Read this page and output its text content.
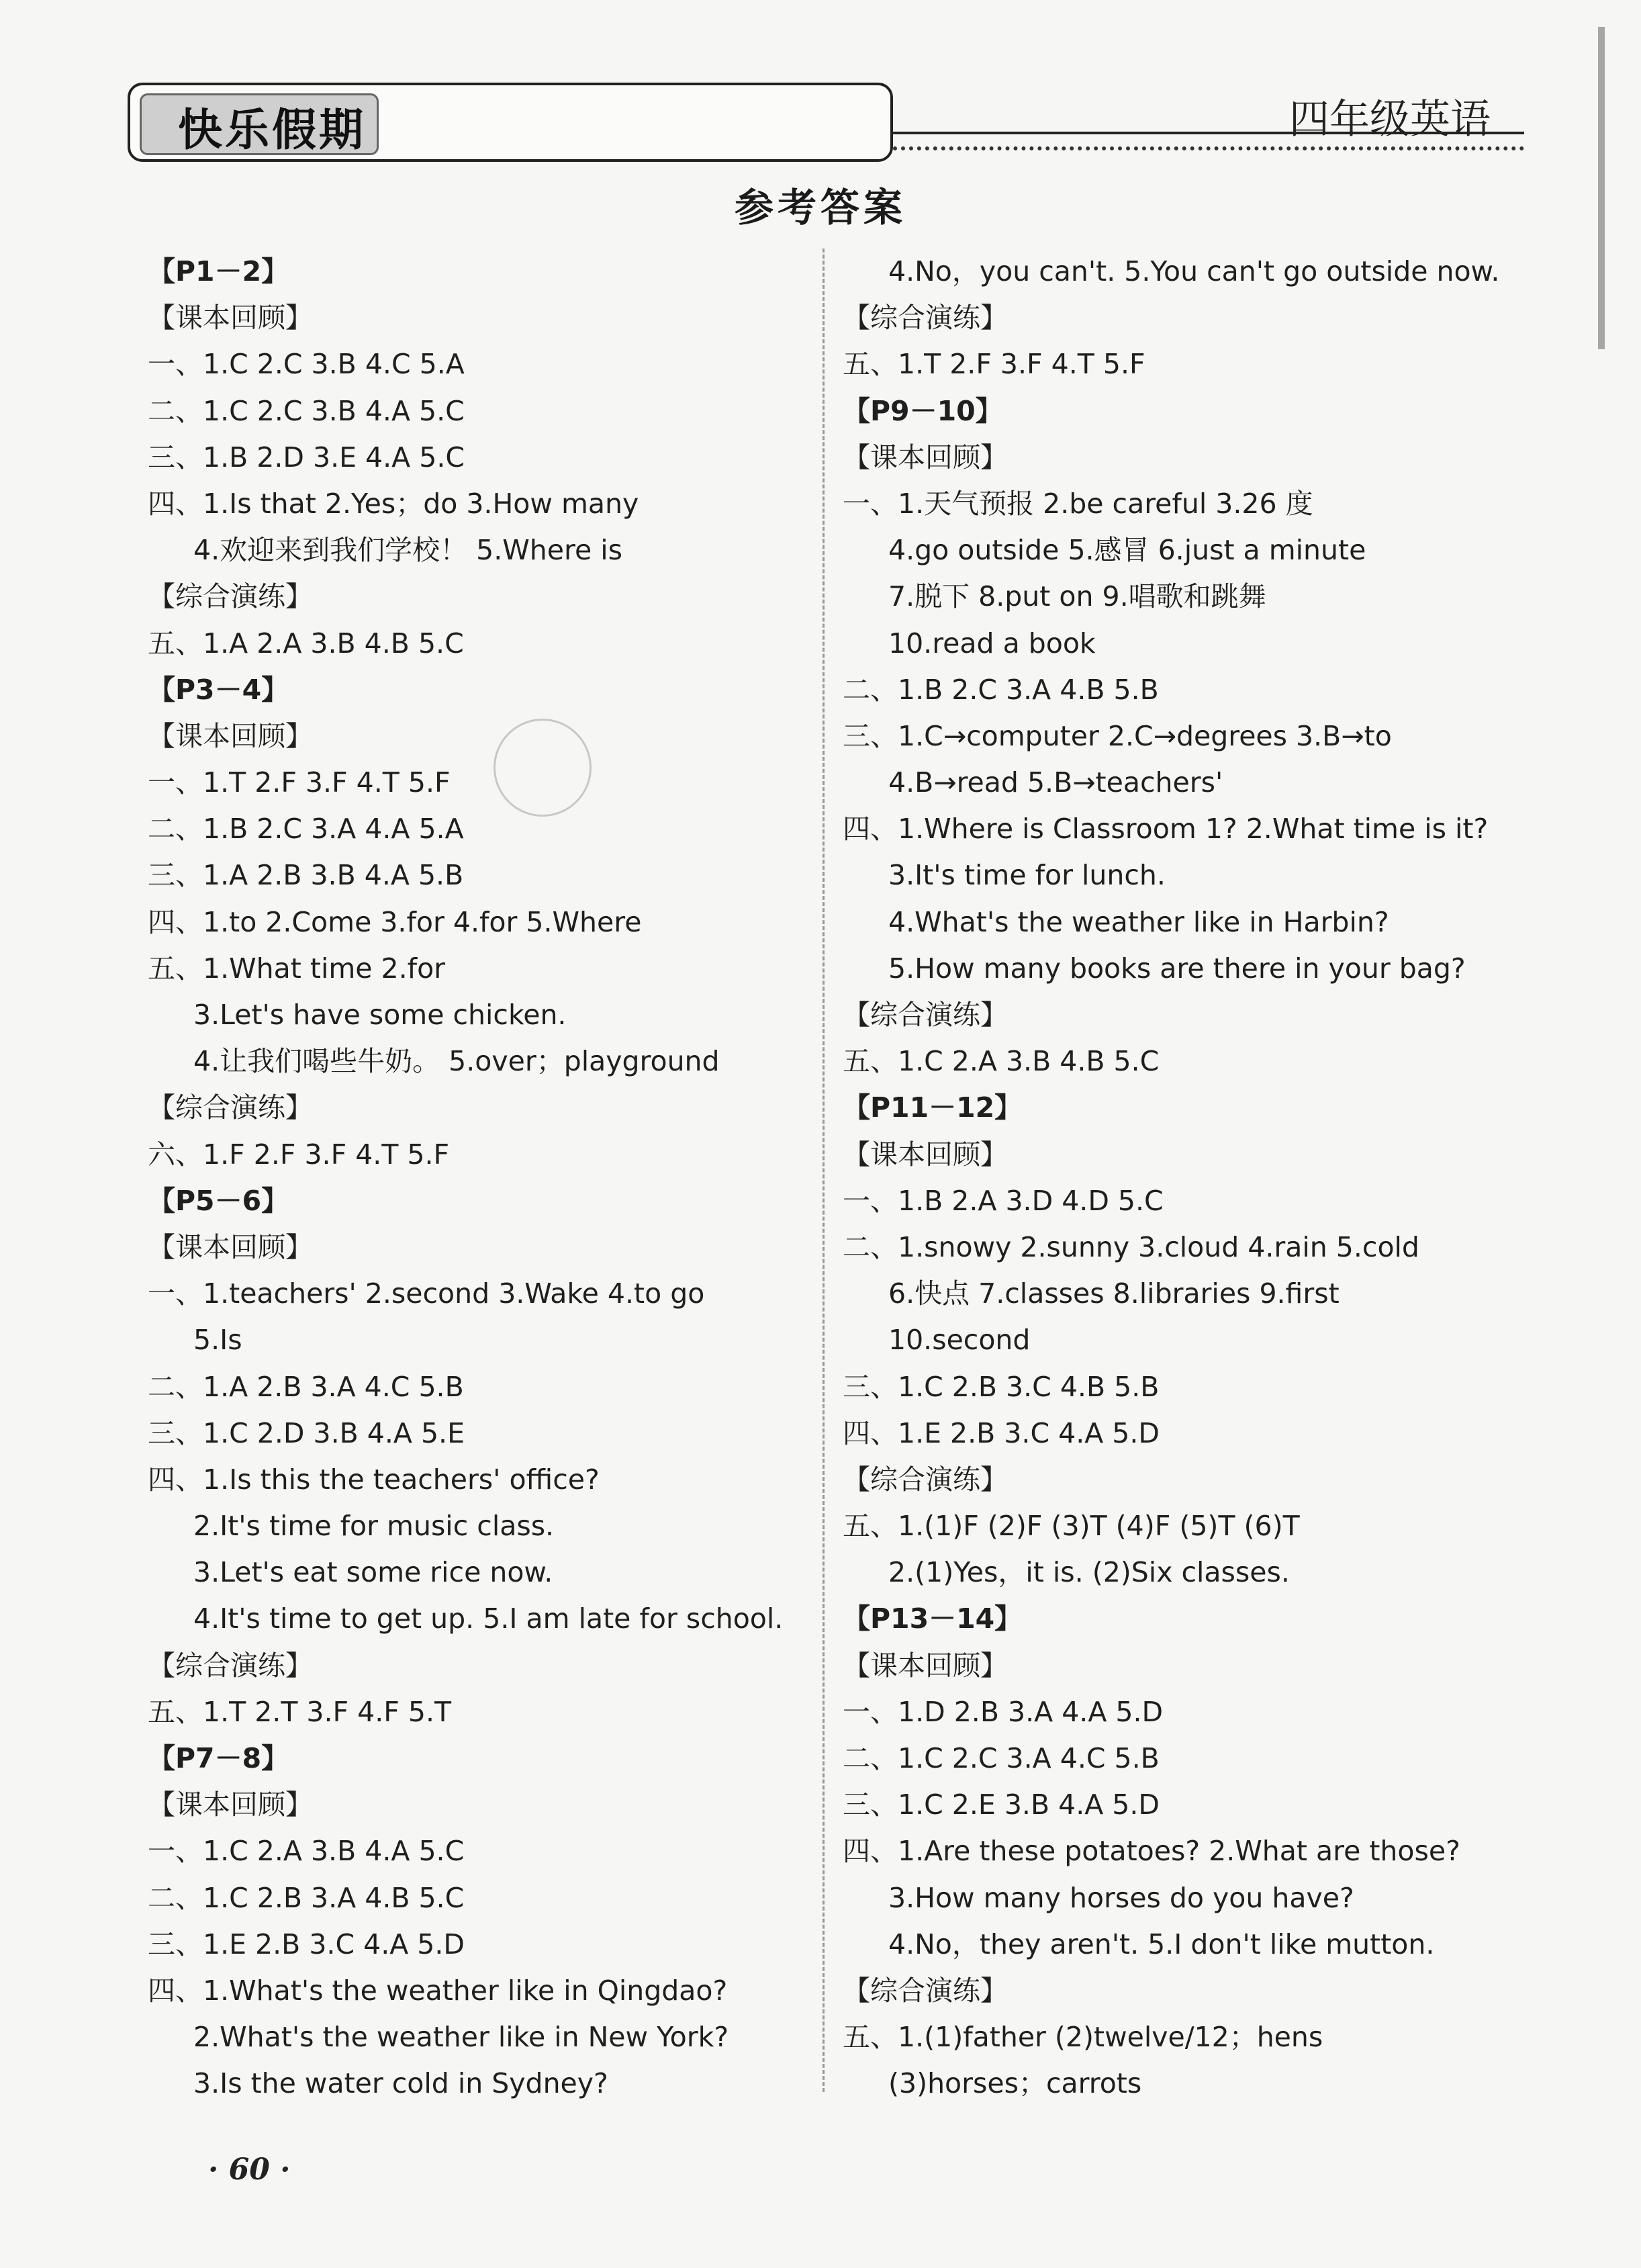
快乐假期	四年级英语
参考答案
【P1－2】
【课本回顾】
一、1.C 2.C 3.B 4.C 5.A
二、1.C 2.C 3.B 4.A 5.C
三、1.B 2.D 3.E 4.A 5.C
四、1.Is that 2.Yes；do 3.How many
4.欢迎来到我们学校！ 5.Where is
【综合演练】
五、1.A 2.A 3.B 4.B 5.C
【P3－4】
【课本回顾】
一、1.T 2.F 3.F 4.T 5.F
二、1.B 2.C 3.A 4.A 5.A
三、1.A 2.B 3.B 4.A 5.B
四、1.to 2.Come 3.for 4.for 5.Where
五、1.What time 2.for
3.Let's have some chicken.
4.让我们喝些牛奶。 5.over；playground
【综合演练】
六、1.F 2.F 3.F 4.T 5.F
【P5－6】
【课本回顾】
一、1.teachers' 2.second 3.Wake 4.to go
5.Is
二、1.A 2.B 3.A 4.C 5.B
三、1.C 2.D 3.B 4.A 5.E
四、1.Is this the teachers' office?
2.It's time for music class.
3.Let's eat some rice now.
4.It's time to get up. 5.I am late for school.
【综合演练】
五、1.T 2.T 3.F 4.F 5.T
【P7－8】
【课本回顾】
一、1.C 2.A 3.B 4.A 5.C
二、1.C 2.B 3.A 4.B 5.C
三、1.E 2.B 3.C 4.A 5.D
四、1.What's the weather like in Qingdao?
2.What's the weather like in New York?
3.Is the water cold in Sydney?
4.No，you can't. 5.You can't go outside now.
【综合演练】
五、1.T 2.F 3.F 4.T 5.F
【P9－10】
【课本回顾】
一、1.天气预报 2.be careful 3.26 度
4.go outside 5.感冒 6.just a minute
7.脱下 8.put on 9.唱歌和跳舞
10.read a book
二、1.B 2.C 3.A 4.B 5.B
三、1.C→computer 2.C→degrees 3.B→to
4.B→read 5.B→teachers'
四、1.Where is Classroom 1? 2.What time is it?
3.It's time for lunch.
4.What's the weather like in Harbin?
5.How many books are there in your bag?
【综合演练】
五、1.C 2.A 3.B 4.B 5.C
【P11－12】
【课本回顾】
一、1.B 2.A 3.D 4.D 5.C
二、1.snowy 2.sunny 3.cloud 4.rain 5.cold
6.快点 7.classes 8.libraries 9.first
10.second
三、1.C 2.B 3.C 4.B 5.B
四、1.E 2.B 3.C 4.A 5.D
【综合演练】
五、1.(1)F (2)F (3)T (4)F (5)T (6)T
2.(1)Yes，it is. (2)Six classes.
【P13－14】
【课本回顾】
一、1.D 2.B 3.A 4.A 5.D
二、1.C 2.C 3.A 4.C 5.B
三、1.C 2.E 3.B 4.A 5.D
四、1.Are these potatoes? 2.What are those?
3.How many horses do you have?
4.No，they aren't. 5.I don't like mutton.
【综合演练】
五、1.(1)father (2)twelve/12；hens
(3)horses；carrots
· 60 ·
